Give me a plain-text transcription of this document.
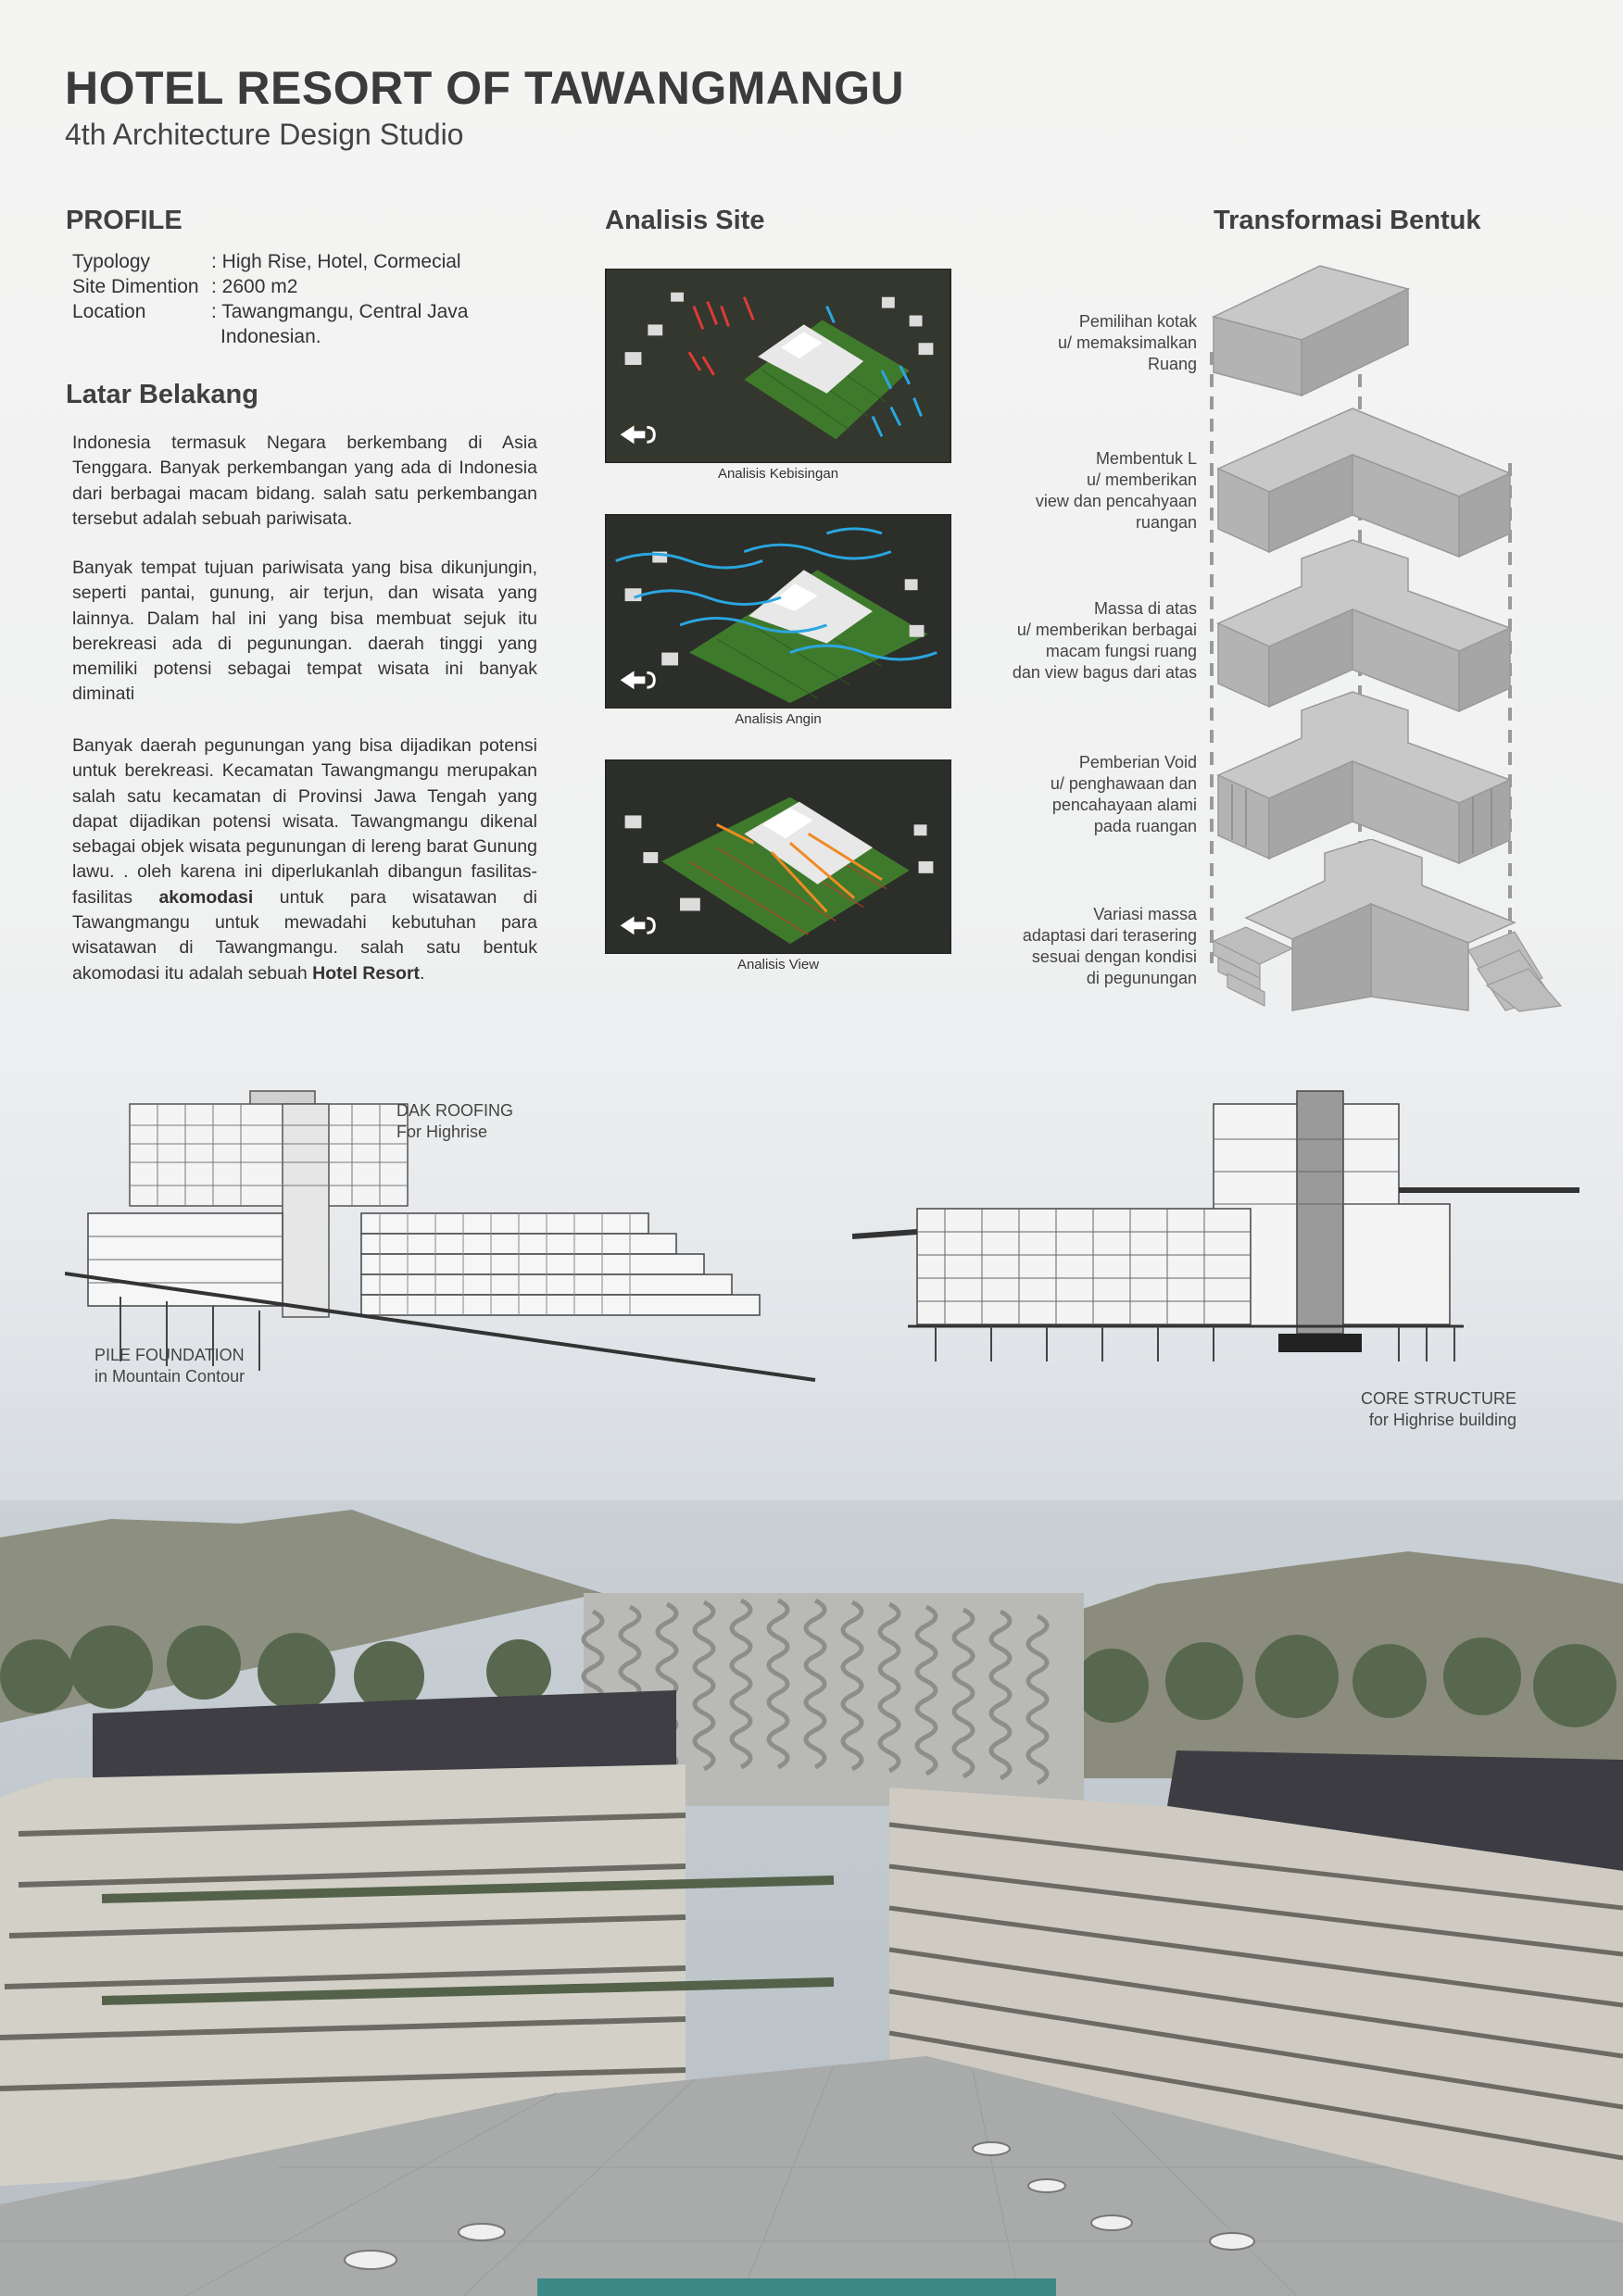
HOTEL RESORT OF TAWANGMANGU
4th Architecture Design Studio
PROFILE
Typology	: High Rise, Hotel, Cormecial
Site Dimention : 2600 m2
Location	: Tawangmangu, Central Java
Indonesian.
Latar Belakang

Indonesia termasuk Negara berkembang di Asia Tenggara. Banyak perkembangan yang ada di Indonesia dari berbagai macam bidang. salah satu perkembangan tersebut adalah sebuah pariwisata.

Banyak tempat tujuan pariwisata yang bisa dikunjungin, seperti pantai, gunung, air terjun, dan wisata yang lainnya. Dalam hal ini yang bisa membuat sejuk itu berekreasi ada di pegunungan. daerah tinggi yang memiliki potensi sebagai tempat wisata ini banyak diminati

Banyak daerah pegunungan yang bisa dijadikan potensi untuk berekreasi. Kecamatan Tawangmangu merupakan salah satu kecamatan di Provinsi Jawa Tengah yang dapat dijadikan potensi wisata. Tawangmangu dikenal sebagai objek wisata pegunungan di lereng barat Gunung lawu. . oleh karena ini diperlukanlah dibangun fasilitas-fasilitas akomodasi untuk para wisatawan di Tawangmangu untuk mewadahi kebutuhan para wisatawan di Tawangmangu. salah satu bentuk akomodasi itu adalah sebuah Hotel Resort.

Analisis Site
Analisis Kebisingan
Analisis Angin
Analisis View
Transformasi Bentuk
Pemilihan kotak
u/ memaksimalkan
Ruang
Membentuk L
u/ memberikan
view dan pencahyaan
ruangan
Massa di atas
u/ memberikan berbagai
macam fungsi ruang
dan view bagus dari atas
Pemberian Void
u/ penghawaan dan
pencahayaan alami
pada ruangan
Variasi massa
adaptasi dari terasering
sesuai dengan kondisi
di pegunungan
DAK ROOFING
For Highrise
PILE FOUNDATION
in Mountain Contour
CORE STRUCTURE
for Highrise building
